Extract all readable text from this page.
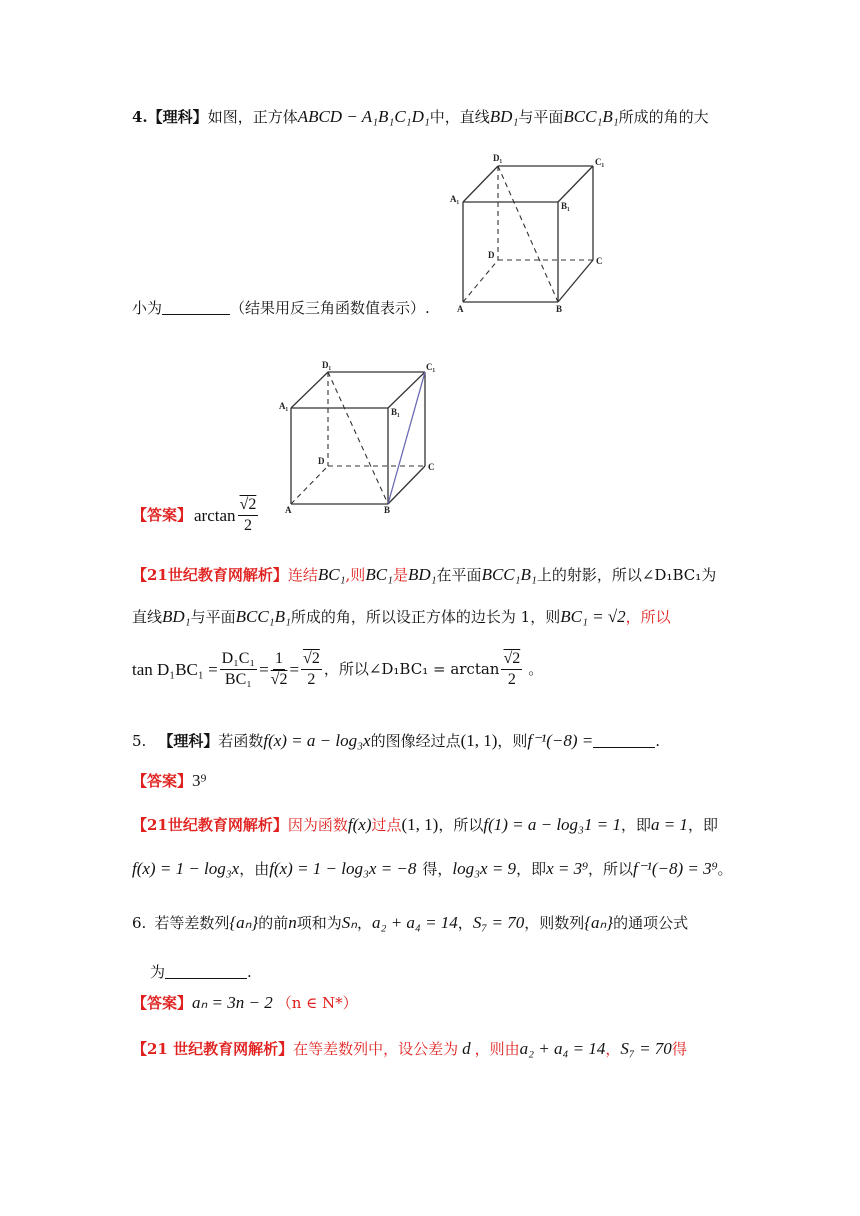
4.【理科】如图，正方体ABCD − A₁B₁C₁D₁中，直线BD₁与平面BCC₁B₁所成的角的大
D₁	C₁
A₁
B₁
D
C
A	B
小为	（结果用反三角函数值表示）.
D₁	C₁
A₁
B₁
D
C
A	B
【答案】 $\arctan \frac{√2}{2}$
【21世纪教育网解析】连结BC₁,则BC₁是BD₁在平面BCC₁B₁上的射影，所以∠D₁BC₁为
直线BD₁与平面BCC₁B₁所成的角，所以设正方体的边长为 1，则BC₁ = √2，所以
$\tan D_1BC_1 = \frac{\text{D₁C₁}}{\text{BC₁}} = \frac{1}{√2} = \frac{√2}{2}$ ，所以∠D₁BC₁ = $\arctan \frac{√2}{2}$ 。
5. 【理科】若函数f(x) = a − log₃x的图像经过点(1, 1)，则f⁻¹(−8) =	.
【答案】3⁹
【21世纪教育网解析】因为函数f(x)过点(1, 1)，所以f(1) = a − log₃1 = 1，即a = 1，即
f(x) = 1 − log₃x，由f(x) = 1 − log₃x = −8 得，log₃x = 9，即x = 3⁹，所以f⁻¹(−8) = 3⁹。
6. 若等差数列{aₙ}的前n项和为Sₙ，a₂ + a₄ = 14，S₇ = 70，则数列{aₙ}的通项公式
为	.
【答案】aₙ = 3n − 2 （n ∈ N*）
【21 世纪教育网解析】在等差数列中，设公差为 d ，则由a₂ + a₄ = 14，S₇ = 70得
